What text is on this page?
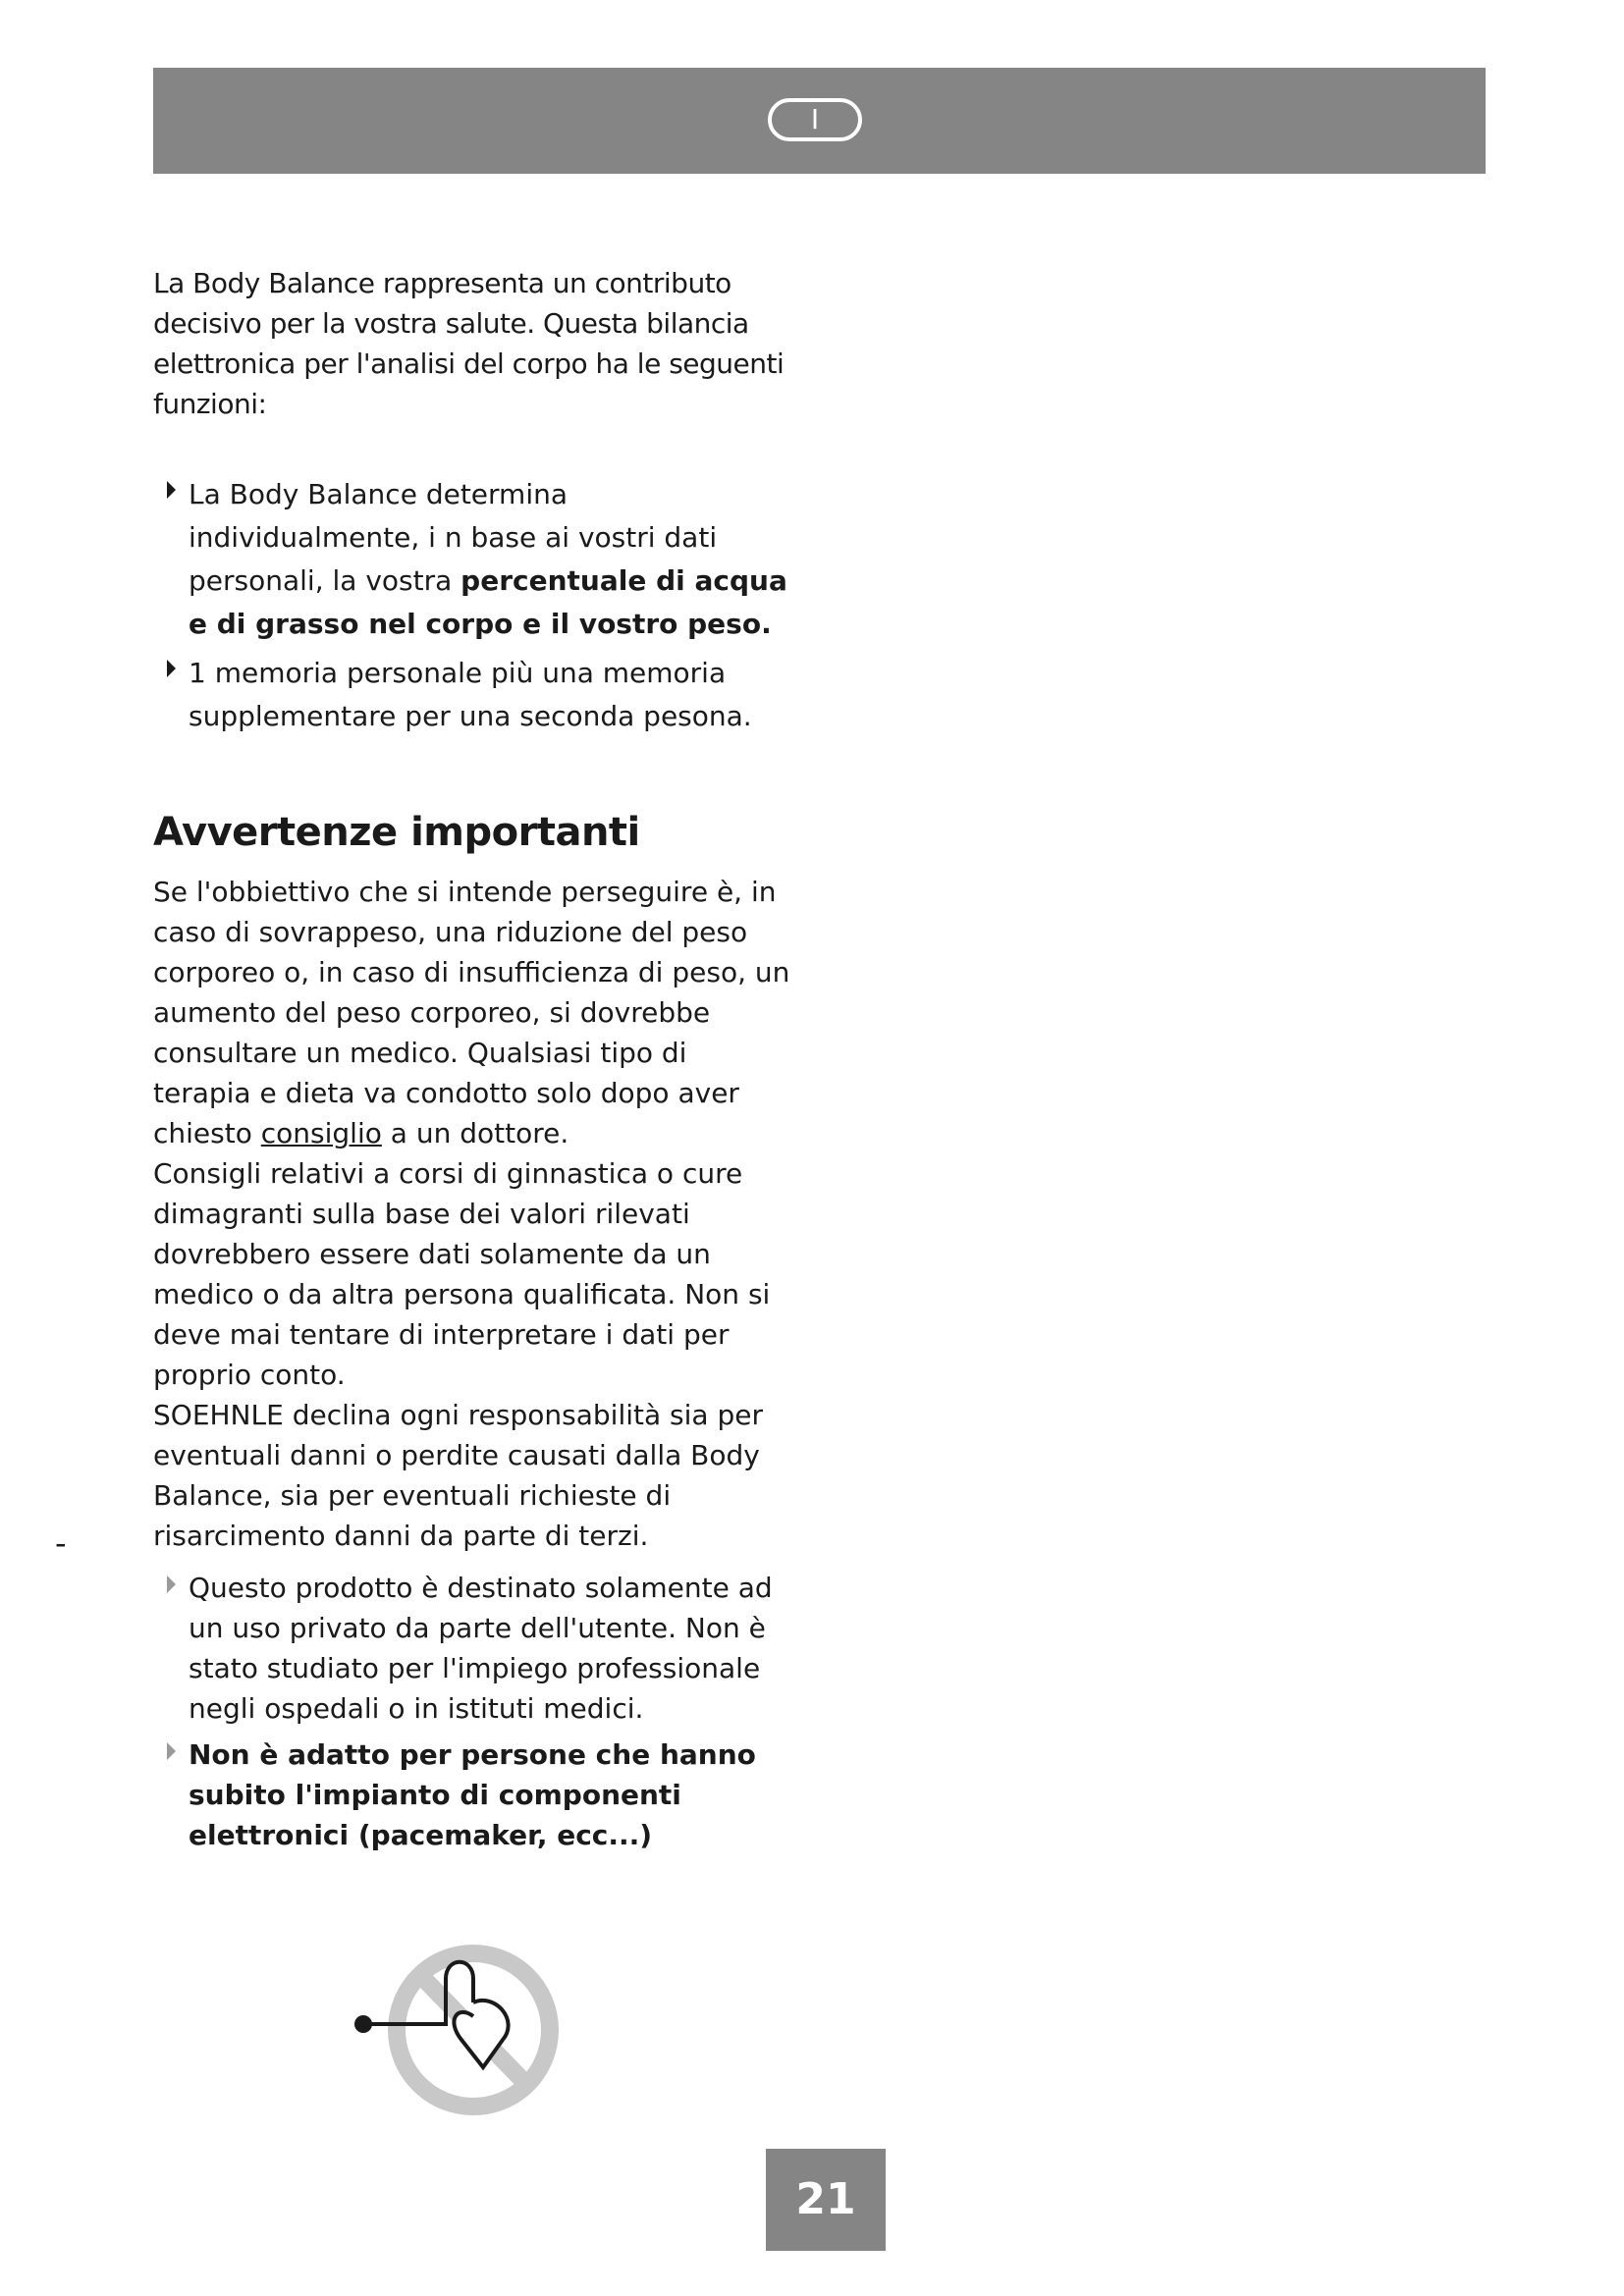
I
-

La Body Balance rappresenta un contributo decisivo per la vostra salute. Questa bilancia elettronica per l'analisi del corpo ha le seguenti funzioni:

La Body Balance determina individualmente, i n base ai vostri dati personali, la vostra percentuale di acqua e di grasso nel corpo e il vostro peso.
1 memoria personale più una memoria supplementare per una seconda pesona.
Avvertenze importanti

Se l'obbiettivo che si intende perseguire è, in caso di sovrappeso, una riduzione del peso corporeo o, in caso di insufficienza di peso, un aumento del peso corporeo, si dovrebbe consultare un medico. Qualsiasi tipo di terapia e dieta va condotto solo dopo aver chiesto consiglio a un dottore.

Consigli relativi a corsi di ginnastica o cure dimagranti sulla base dei valori rilevati dovrebbero essere dati solamente da un medico o da altra persona qualificata. Non si deve mai tentare di interpretare i dati per proprio conto.

SOEHNLE declina ogni responsabilità sia per eventuali danni o perdite causati dalla Body Balance, sia per eventuali richieste di risarcimento danni da parte di terzi.

Questo prodotto è destinato solamente ad un uso privato da parte dell'utente. Non è stato studiato per l'impiego professionale negli ospedali o in istituti medici.
Non è adatto per persone che hanno subito l'impianto di componenti elettronici (pacemaker, ecc...)
21
